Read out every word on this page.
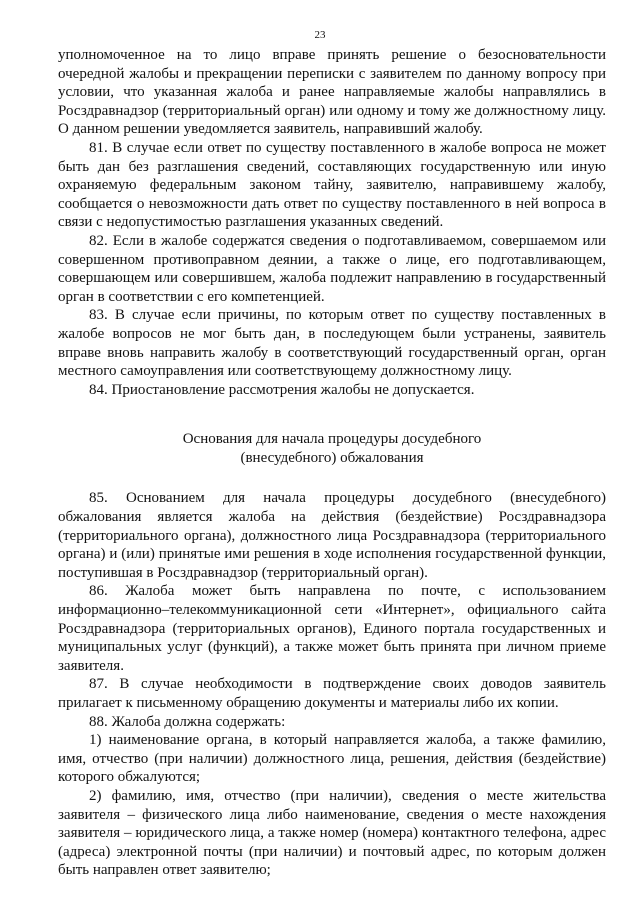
23

уполномоченное на то лицо вправе принять решение о безосновательности очередной жалобы и прекращении переписки с заявителем по данному вопросу при условии, что указанная жалоба и ранее направляемые жалобы направлялись в Росздравнадзор (территориальный орган) или одному и тому же должностному лицу. О данном решении уведомляется заявитель, направивший жалобу.

81. В случае если ответ по существу поставленного в жалобе вопроса не может быть дан без разглашения сведений, составляющих государственную или иную охраняемую федеральным законом тайну, заявителю, направившему жалобу, сообщается о невозможности дать ответ по существу поставленного в ней вопроса в связи с недопустимостью разглашения указанных сведений.

82. Если в жалобе содержатся сведения о подготавливаемом, совершаемом или совершенном противоправном деянии, а также о лице, его подготавливающем, совершающем или совершившем, жалоба подлежит направлению в государственный орган в соответствии с его компетенцией.

83. В случае если причины, по которым ответ по существу поставленных в жалобе вопросов не мог быть дан, в последующем были устранены, заявитель вправе вновь направить жалобу в соответствующий государственный орган, орган местного самоуправления или соответствующему должностному лицу.

84. Приостановление рассмотрения жалобы не допускается.

Основания для начала процедуры досудебного
(внесудебного) обжалования

85. Основанием для начала процедуры досудебного (внесудебного) обжалования является жалоба на действия (бездействие) Росздравнадзора (территориального органа), должностного лица Росздравнадзора (территориального органа) и (или) принятые ими решения в ходе исполнения государственной функции, поступившая в Росздравнадзор (территориальный орган).

86. Жалоба может быть направлена по почте, с использованием информационно–телекоммуникационной сети «Интернет», официального сайта Росздравнадзора (территориальных органов), Единого портала государственных и муниципальных услуг (функций), а также может быть принята при личном приеме заявителя.

87. В случае необходимости в подтверждение своих доводов заявитель прилагает к письменному обращению документы и материалы либо их копии.

88. Жалоба должна содержать:

1) наименование органа, в который направляется жалоба, а также фамилию, имя, отчество (при наличии) должностного лица, решения, действия (бездействие) которого обжалуются;

2) фамилию, имя, отчество (при наличии), сведения о месте жительства заявителя – физического лица либо наименование, сведения о месте нахождения заявителя – юридического лица, а также номер (номера) контактного телефона, адрес (адреса) электронной почты (при наличии) и почтовый адрес, по которым должен быть направлен ответ заявителю;
